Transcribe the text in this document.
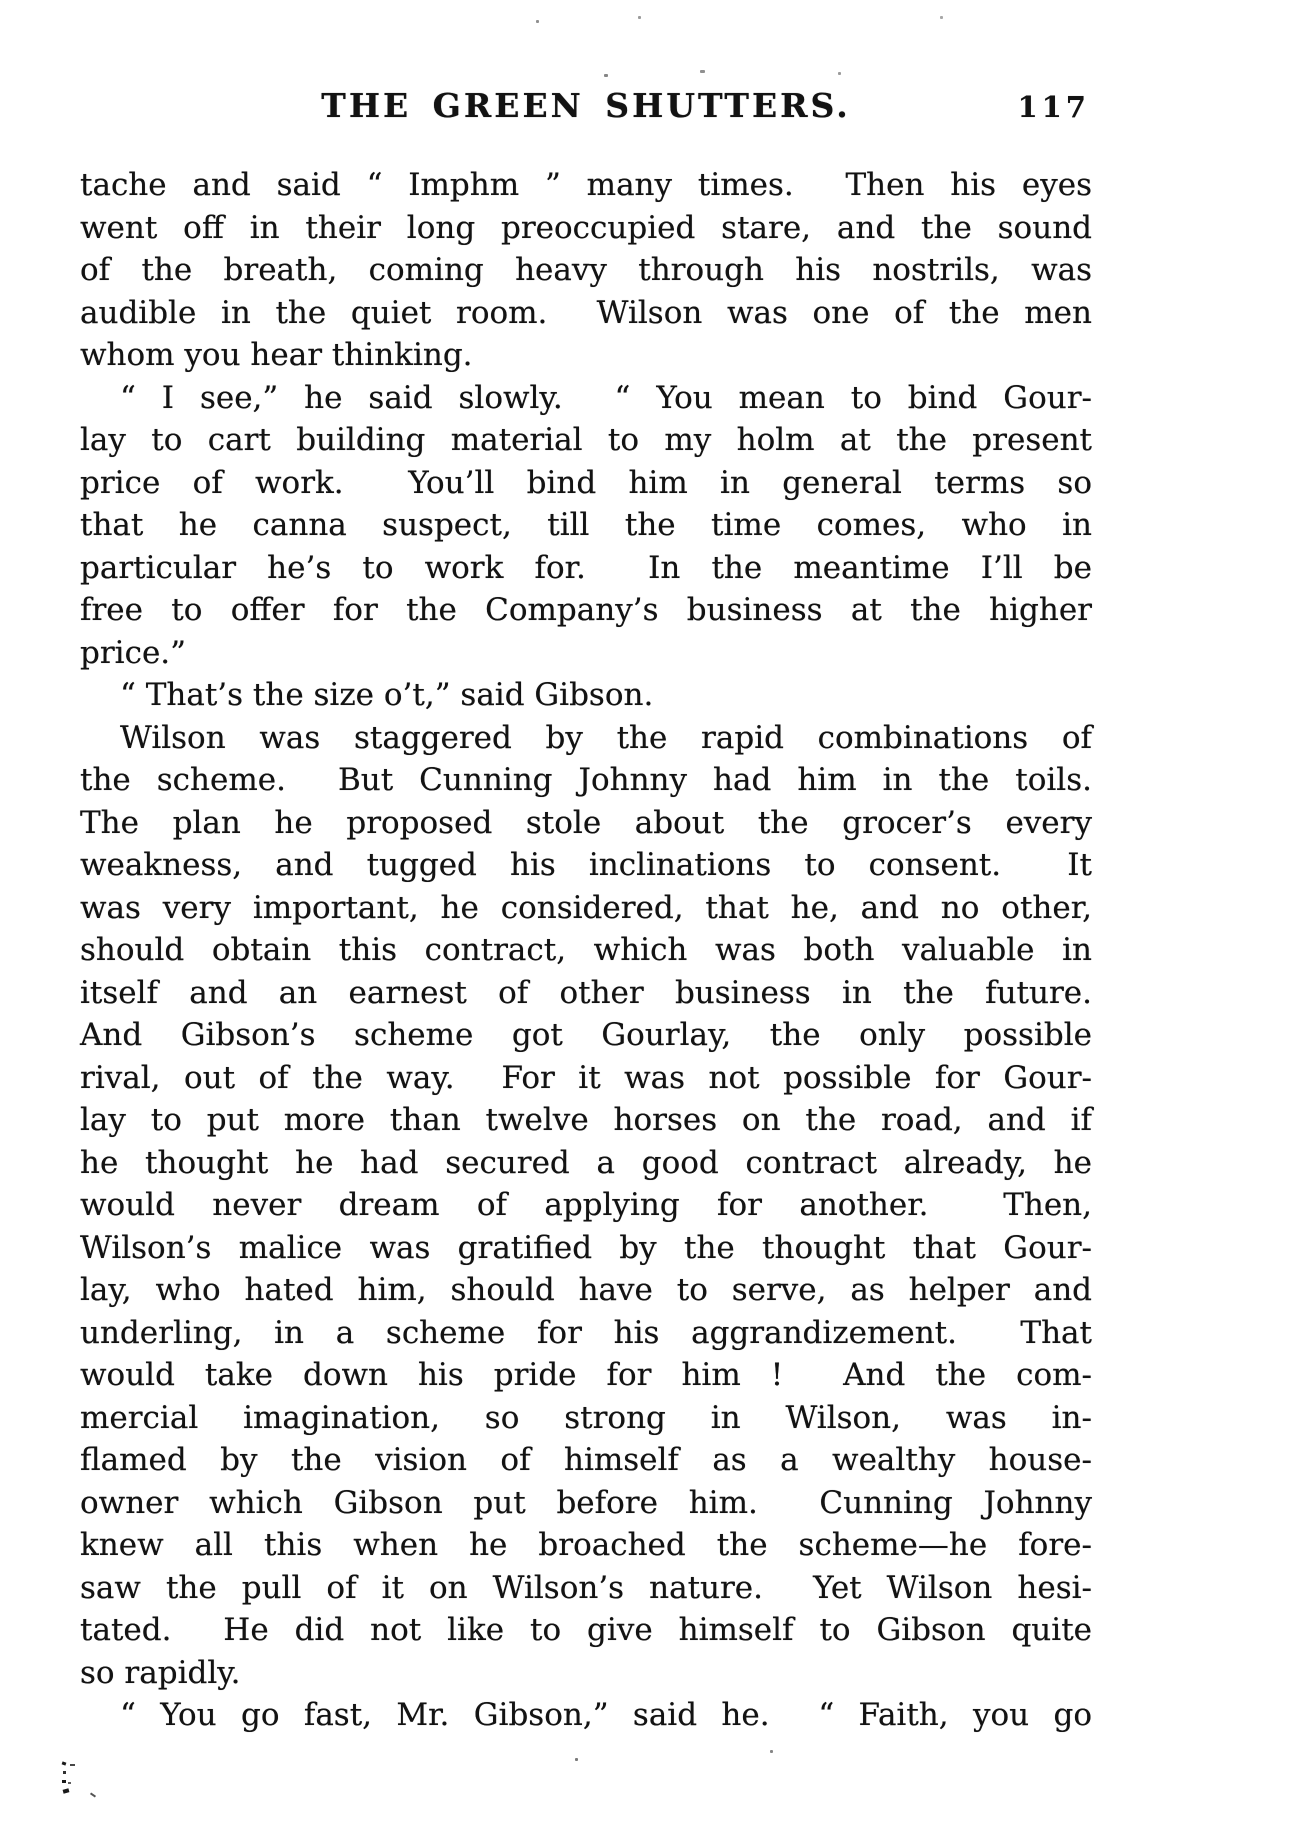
THE GREEN SHUTTERS.	117
tache and said “ Imphm ” many times.  Then his eyes
went off in their long preoccupied stare, and the sound
of the breath, coming heavy through his nostrils, was
audible in the quiet room.  Wilson was one of the men
whom you hear thinking.
“ I see,” he said slowly.  “ You mean to bind Gour-
lay to cart building material to my holm at the present
price of work.  You’ll bind him in general terms so
that he canna suspect, till the time comes, who in
particular he’s to work for.  In the meantime I’ll be
free to offer for the Company’s business at the higher
price.”
“ That’s the size o’t,” said Gibson.
Wilson was staggered by the rapid combinations of
the scheme.  But Cunning Johnny had him in the toils.
The plan he proposed stole about the grocer’s every
weakness, and tugged his inclinations to consent.  It
was very important, he considered, that he, and no other,
should obtain this contract, which was both valuable in
itself and an earnest of other business in the future.
And Gibson’s scheme got Gourlay, the only possible
rival, out of the way.  For it was not possible for Gour-
lay to put more than twelve horses on the road, and if
he thought he had secured a good contract already, he
would never dream of applying for another.  Then,
Wilson’s malice was gratified by the thought that Gour-
lay, who hated him, should have to serve, as helper and
underling, in a scheme for his aggrandizement.  That
would take down his pride for him !  And the com-
mercial imagination, so strong in Wilson, was in-
flamed by the vision of himself as a wealthy house-
owner which Gibson put before him.  Cunning Johnny
knew all this when he broached the scheme—he fore-
saw the pull of it on Wilson’s nature.  Yet Wilson hesi-
tated.  He did not like to give himself to Gibson quite
so rapidly.
“ You go fast, Mr. Gibson,” said he.  “ Faith, you go
